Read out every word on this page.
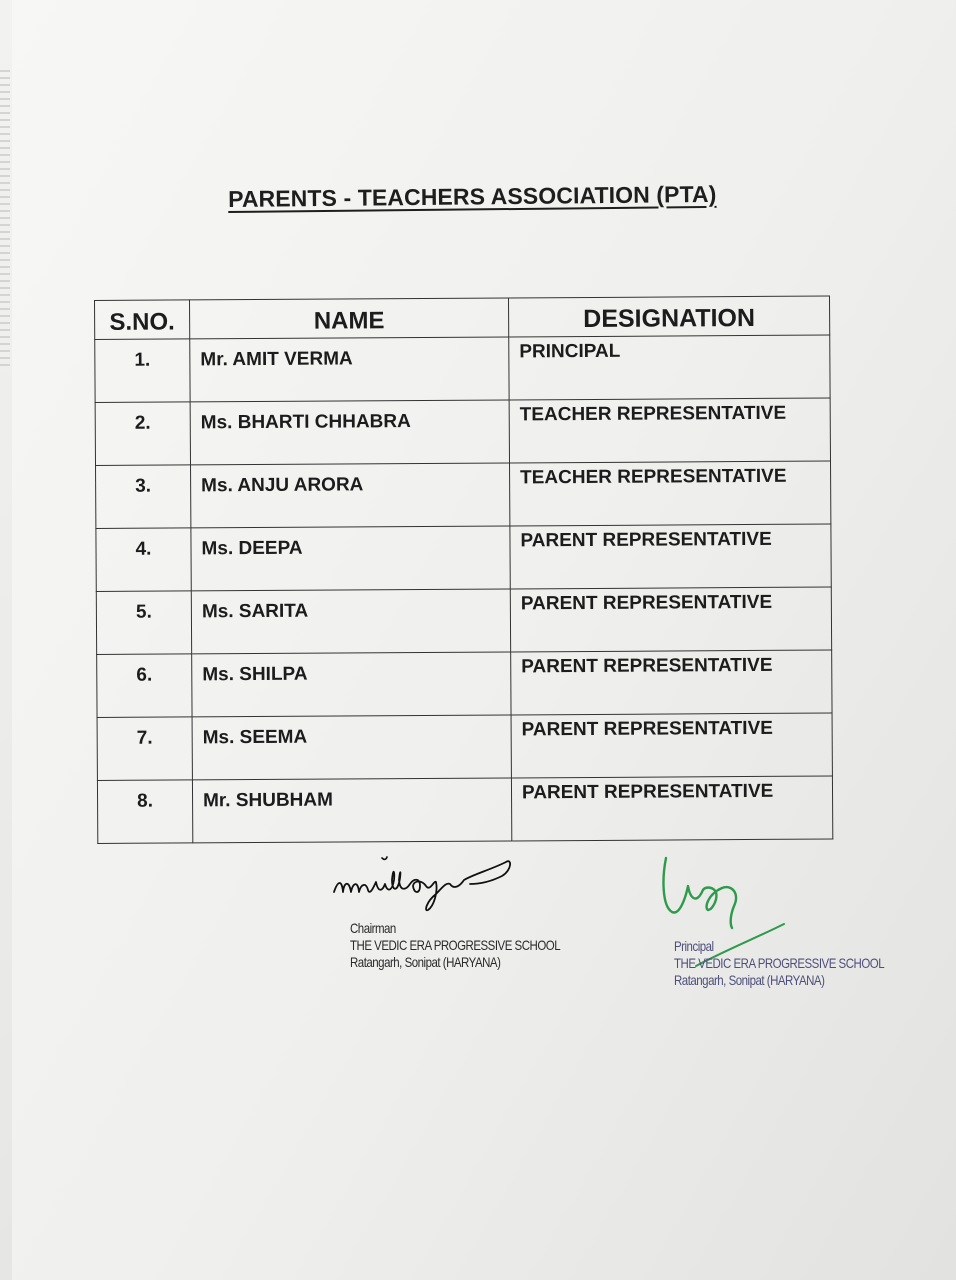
PARENTS - TEACHERS ASSOCIATION (PTA)
S.NO.	NAME	DESIGNATION
1.	Mr. AMIT VERMA	PRINCIPAL
2.	Ms. BHARTI CHHABRA	TEACHER REPRESENTATIVE
3.	Ms. ANJU ARORA	TEACHER REPRESENTATIVE
4.	Ms. DEEPA	PARENT REPRESENTATIVE
5.	Ms. SARITA	PARENT REPRESENTATIVE
6.	Ms. SHILPA	PARENT REPRESENTATIVE
7.	Ms. SEEMA	PARENT REPRESENTATIVE
8.	Mr. SHUBHAM	PARENT REPRESENTATIVE
Chairman
THE VEDIC ERA PROGRESSIVE SCHOOL
Ratangarh, Sonipat (HARYANA)
Principal
THE VEDIC ERA PROGRESSIVE SCHOOL
Ratangarh, Sonipat (HARYANA)
